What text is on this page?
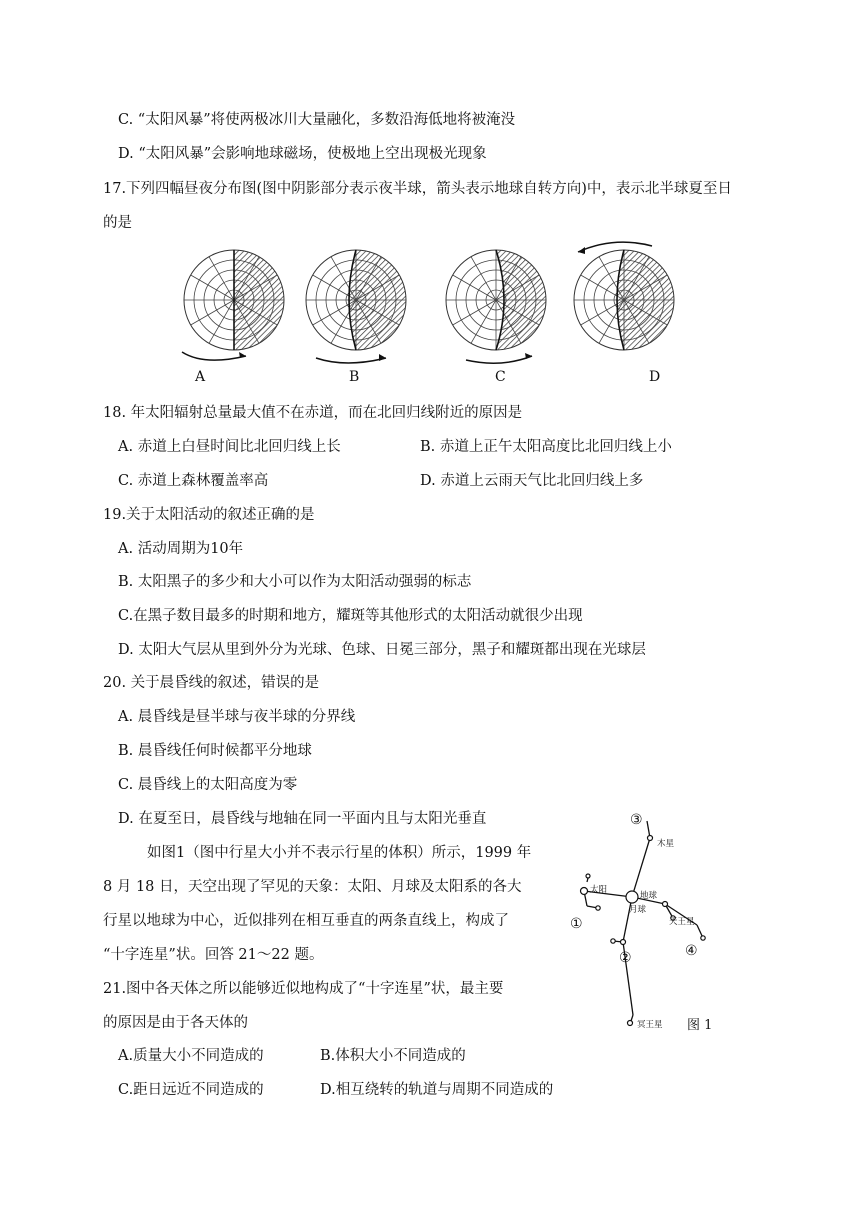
C. “太阳风暴”将使两极冰川大量融化，多数沿海低地将被淹没
D. “太阳风暴”会影响地球磁场，使极地上空出现极光现象
17.下列四幅昼夜分布图(图中阴影部分表示夜半球，箭头表示地球自转方向)中，表示北半球夏至日
的是
A	B	C	D
18. 年太阳辐射总量最大值不在赤道，而在北回归线附近的原因是
A. 赤道上白昼时间比北回归线上长	B. 赤道上正午太阳高度比北回归线上小
C. 赤道上森林覆盖率高	D. 赤道上云雨天气比北回归线上多
19.关于太阳活动的叙述正确的是
A. 活动周期为10年
B. 太阳黑子的多少和大小可以作为太阳活动强弱的标志
C.在黑子数目最多的时期和地方，耀斑等其他形式的太阳活动就很少出现
D. 太阳大气层从里到外分为光球、色球、日冕三部分，黑子和耀斑都出现在光球层
20. 关于晨昏线的叙述，错误的是
A. 晨昏线是昼半球与夜半球的分界线
B. 晨昏线任何时候都平分地球
C. 晨昏线上的太阳高度为零
D. 在夏至日，晨昏线与地轴在同一平面内且与太阳光垂直
如图1（图中行星大小并不表示行星的体积）所示，1999 年
8 月 18 日，天空出现了罕见的天象：太阳、月球及太阳系的各大
行星以地球为中心，近似排列在相互垂直的两条直线上，构成了
“十字连星”状。回答 21～22 题。
21.图中各天体之所以能够近似地构成了“十字连星”状，最主要
的原因是由于各天体的
A.质量大小不同造成的	B.体积大小不同造成的
C.距日远近不同造成的	D.相互绕转的轨道与周期不同造成的
③
①
②	④
木星
太阳
地球
月球
天王星
冥王星 图 1
